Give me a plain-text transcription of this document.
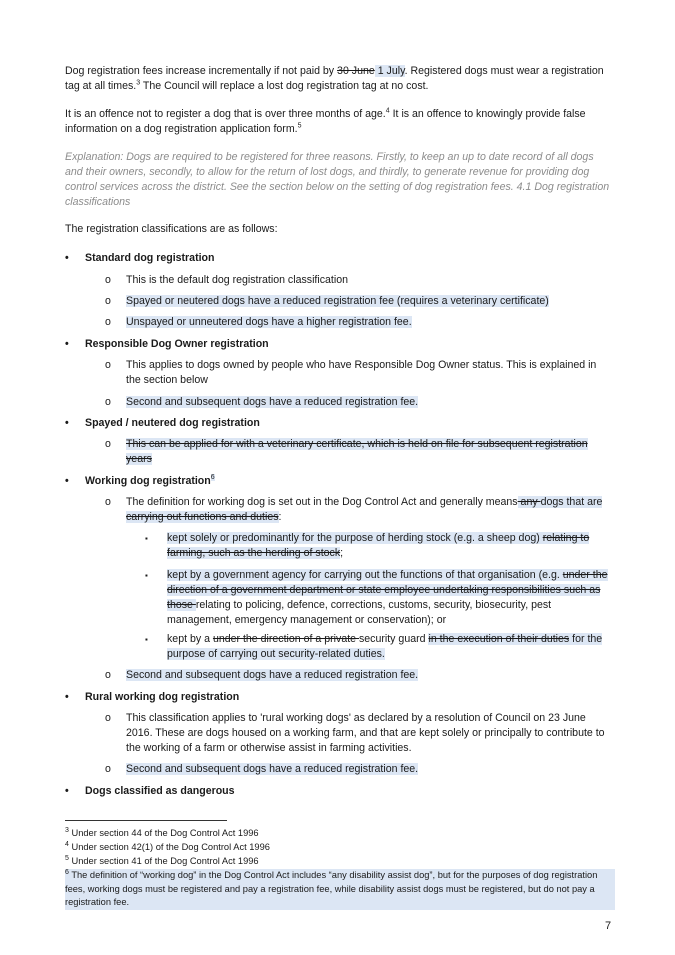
Dog registration fees increase incrementally if not paid by 30 June 1 July. Registered dogs must wear a registration tag at all times.$^3$ The Council will replace a lost dog registration tag at no cost.

It is an offence not to register a dog that is over three months of age.$^4$ It is an offence to knowingly provide false information on a dog registration application form.$^5$

Explanation: Dogs are required to be registered for three reasons. Firstly, to keep an up to date record of all dogs and their owners, secondly, to allow for the return of lost dogs, and thirdly, to generate revenue for providing dog control services across the district. See the section below on the setting of dog registration fees. 4.1 Dog registration classifications

The registration classifications are as follows:

• Standard dog registration
o This is the default dog registration classification
o Spayed or neutered dogs have a reduced registration fee (requires a veterinary certificate)
o Unspayed or unneutered dogs have a higher registration fee.
• Responsible Dog Owner registration
o This applies to dogs owned by people who have Responsible Dog Owner status. This is explained in the section below
o Second and subsequent dogs have a reduced registration fee.
• Spayed / neutered dog registration
o This can be applied for with a veterinary certificate, which is held on file for subsequent registration years
• Working dog registration$^6$
o The definition for working dog is set out in the Dog Control Act and generally means any dogs that are carrying out functions and duties:
▪ kept solely or predominantly for the purpose of herding stock (e.g. a sheep dog) relating to farming, such as the herding of stock;
▪ kept by a government agency for carrying out the functions of that organisation (e.g. under the direction of a government department or state employee undertaking responsibilities such as those relating to policing, defence, corrections, customs, security, biosecurity, pest management, emergency management or conservation); or
▪ kept by a under the direction of a private security guard in the execution of their duties for the purpose of carrying out security-related duties.
o Second and subsequent dogs have a reduced registration fee.
• Rural working dog registration
o This classification applies to 'rural working dogs' as declared by a resolution of Council on 23 June 2016. These are dogs housed on a working farm, and that are kept solely or principally to contribute to the working of a farm or otherwise assist in farming activities.
o Second and subsequent dogs have a reduced registration fee.
• Dogs classified as dangerous
$^3$ Under section 44 of the Dog Control Act 1996
$^4$ Under section 42(1) of the Dog Control Act 1996
$^5$ Under section 41 of the Dog Control Act 1996
$^6$ The definition of “working dog” in the Dog Control Act includes “any disability assist dog”, but for the purposes of dog registration fees, working dogs must be registered and pay a registration fee, while disability assist dogs must be registered, but do not pay a registration fee.
7
